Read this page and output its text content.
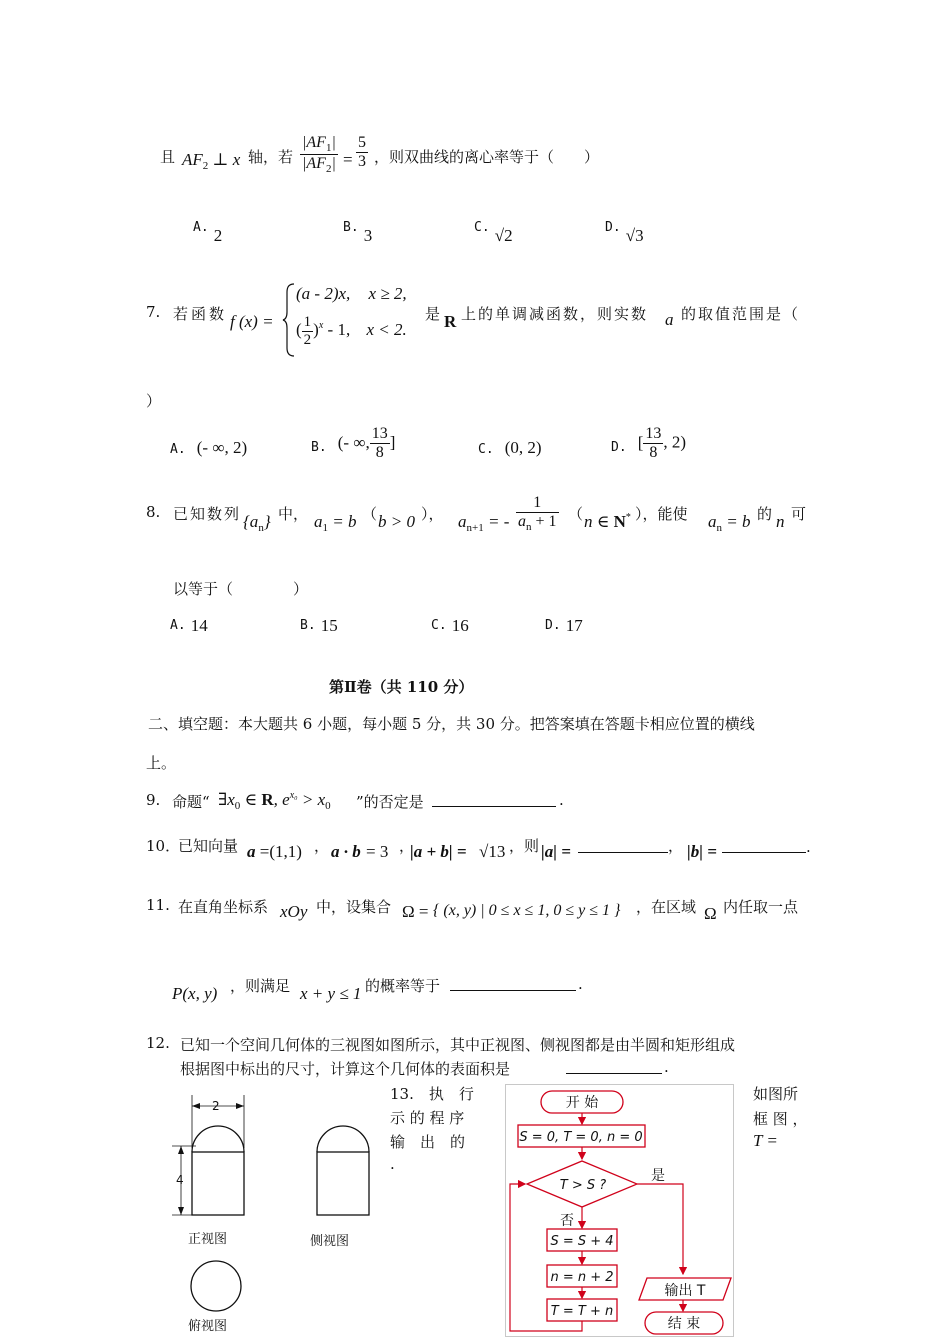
且 $AF_2$ ⊥ x 轴，若 $\frac{|AF_1|}{|AF_2|} = \frac{5}{3}$ ，则双曲线的离心率等于（　　）
A. 2	B. 3	C. √2	D. √3
7. 若函数 f (x) =
(a - 2)x, x ≥ 2,
( $\frac{1}{2} )^x - 1$, x < 2.
是 R 上的单调减函数，则实数 a 的取值范围是（
）
A. (- ∞, 2)	B. (- ∞, $\frac{13}{8}$ ]	C. (0, 2)	D. [ $\frac{13}{8}$ , 2)
8. 已知数列 $\{a_n\}$ 中， $a_1 = b$ （ b > 0 ）， $a_{n+1}$ = - $\frac{1}{a_n + 1}$ （ n ∈ N* ），能使 $a_n = b$ 的 n 可
以等于（　　　　）
A. 14	B. 15	C. 16	D. 17
第Ⅱ卷（共 110 分）
二、填空题：本大题共 6 小题，每小题 5 分，共 30 分。把答案填在答题卡相应位置的横线
上。
9. 命题“ $\exists x_0$ ∈ R, $e^{x_0} > x_0$ ”的否定是	.
10．
已知向量 a =(1,1) ， a · b = 3 ，
|a + b| = √13 ，则 |a| =	， |b| =	.
11. 在直角坐标系 xOy 中，设集合 Ω = { (x, y) | 0 ≤ x ≤ 1, 0 ≤ y ≤ 1 } ，在区域 Ω 内任取一点
P(x, y) ，则满足 x + y ≤ 1 的概率等于	.
12. 已知一个空间几何体的三视图如图所示，其中正视图、侧视图都是由半圆和矩形组成
根据图中标出的尺寸，计算这个几何体的表面积是	.
2
4
正视图	侧视图
俯视图
13.　执　行
示 的 程 序
输　出　的
.
如图所
框 图 ，
T =
开 始
S = 0, T = 0, n = 0
T > S ?
是
否
S = S + 4
n = n + 2
T = T + n
输出 T
结 束
